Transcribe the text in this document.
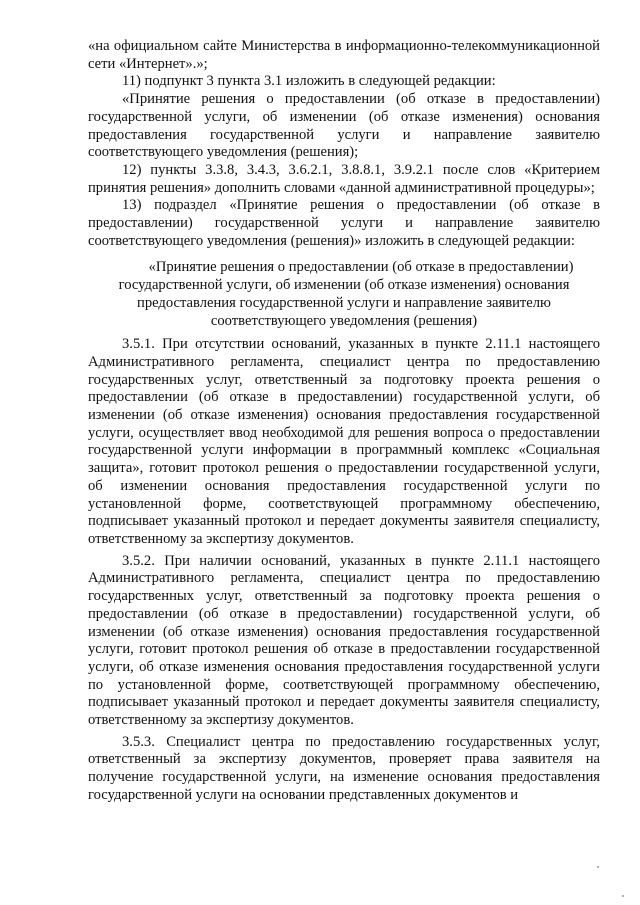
«на официальном сайте Министерства в информационно-телекоммуникационной сети «Интернет».»;

11) подпункт 3 пункта 3.1 изложить в следующей редакции:

«Принятие решения о предоставлении (об отказе в предоставлении) государственной услуги, об изменении (об отказе изменения) основания предоставления государственной услуги и направление заявителю соответствующего уведомления (решения);

12) пункты 3.3.8, 3.4.3, 3.6.2.1, 3.8.8.1, 3.9.2.1 после слов «Критерием принятия решения» дополнить словами «данной административной процедуры»;

13) подраздел «Принятие решения о предоставлении (об отказе в предоставлении) государственной услуги и направление заявителю соответствующего уведомления (решения)» изложить в следующей редакции:

«Принятие решения о предоставлении (об отказе в предоставлении)
государственной услуги, об изменении (об отказе изменения) основания
предоставления государственной услуги и направление заявителю
соответствующего уведомления (решения)

3.5.1. При отсутствии оснований, указанных в пункте 2.11.1 настоящего Административного регламента, специалист центра по предоставлению государственных услуг, ответственный за подготовку проекта решения о предоставлении (об отказе в предоставлении) государственной услуги, об изменении (об отказе изменения) основания предоставления государственной услуги, осуществляет ввод необходимой для решения вопроса о предоставлении государственной услуги информации в программный комплекс «Социальная защита», готовит протокол решения о предоставлении государственной услуги, об изменении основания предоставления государственной услуги по установленной форме, соответствующей программному обеспечению, подписывает указанный протокол и передает документы заявителя специалисту, ответственному за экспертизу документов.

3.5.2. При наличии оснований, указанных в пункте 2.11.1 настоящего Административного регламента, специалист центра по предоставлению государственных услуг, ответственный за подготовку проекта решения о предоставлении (об отказе в предоставлении) государственной услуги, об изменении (об отказе изменения) основания предоставления государственной услуги, готовит протокол решения об отказе в предоставлении государственной услуги, об отказе изменения основания предоставления государственной услуги по установленной форме, соответствующей программному обеспечению, подписывает указанный протокол и передает документы заявителя специалисту, ответственному за экспертизу документов.

3.5.3. Специалист центра по предоставлению государственных услуг, ответственный за экспертизу документов, проверяет права заявителя на получение государственной услуги, на изменение основания предоставления государственной услуги на основании представленных документов и
